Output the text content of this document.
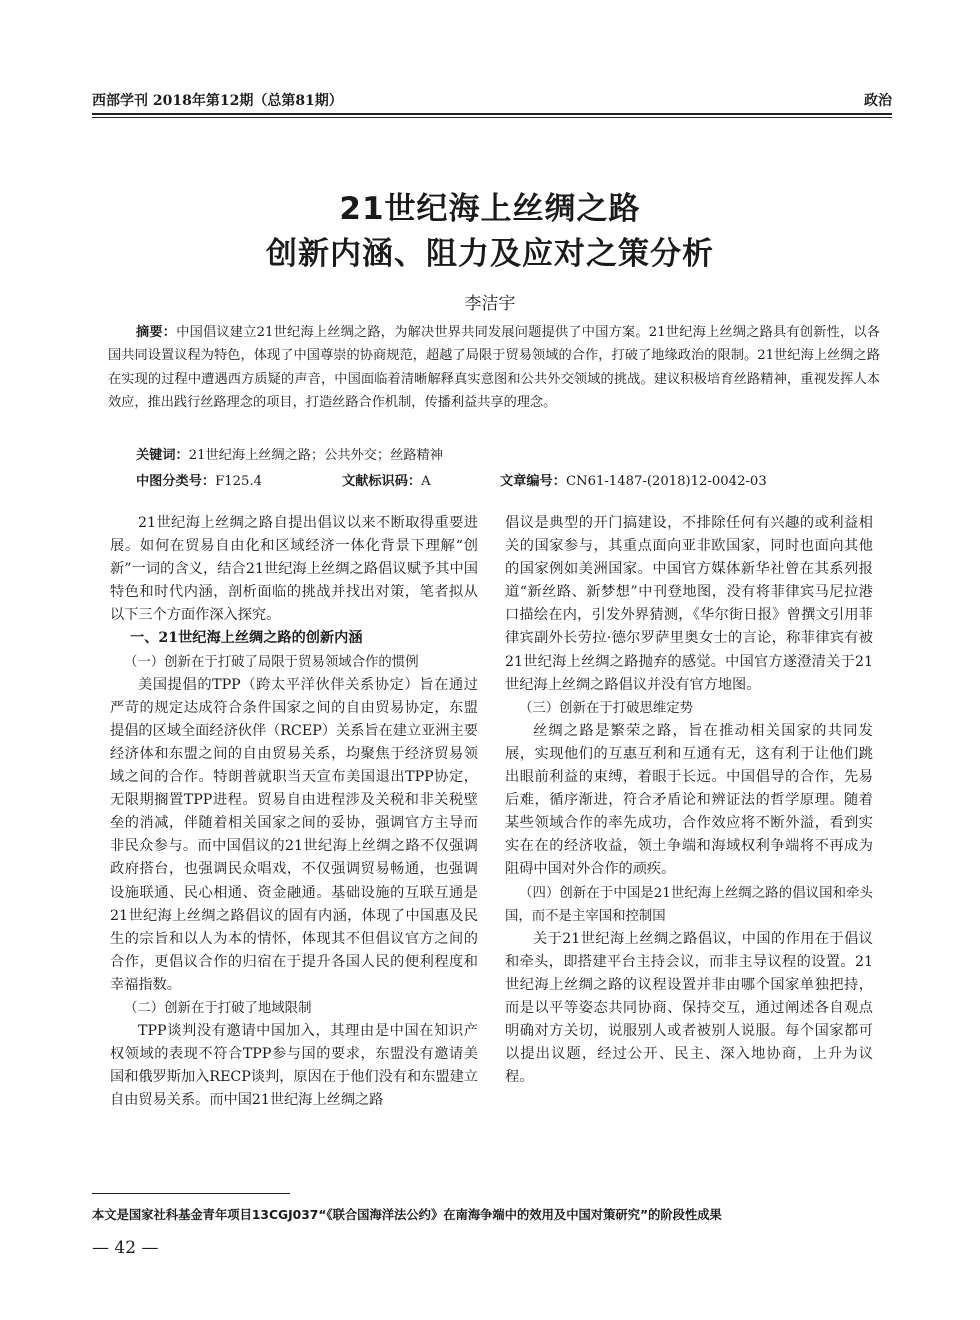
西部学刊 2018年第12期（总第81期）	政治
21世纪海上丝绸之路
创新内涵、阻力及应对之策分析
李洁宇
摘要：中国倡议建立21世纪海上丝绸之路，为解决世界共同发展问题提供了中国方案。21世纪海上丝绸之路具有创新性，以各国共同设置议程为特色，体现了中国尊崇的协商规范，超越了局限于贸易领域的合作，打破了地缘政治的限制。21世纪海上丝绸之路在实现的过程中遭遇西方质疑的声音，中国面临着清晰解释真实意图和公共外交领域的挑战。建议积极培育丝路精神，重视发挥人本效应，推出践行丝路理念的项目，打造丝路合作机制，传播利益共享的理念。
关键词：21世纪海上丝绸之路；公共外交；丝路精神
中图分类号：F125.4	文献标识码：A	文章编号：CN61-1487-(2018)12-0042-03

21世纪海上丝绸之路自提出倡议以来不断取得重要进展。如何在贸易自由化和区域经济一体化背景下理解“创新”一词的含义，结合21世纪海上丝绸之路倡议赋予其中国特色和时代内涵，剖析面临的挑战并找出对策，笔者拟从以下三个方面作深入探究。

一、21世纪海上丝绸之路的创新内涵

（一）创新在于打破了局限于贸易领域合作的惯例

美国提倡的TPP（跨太平洋伙伴关系协定）旨在通过严苛的规定达成符合条件国家之间的自由贸易协定，东盟提倡的区域全面经济伙伴（RCEP）关系旨在建立亚洲主要经济体和东盟之间的自由贸易关系，均聚焦于经济贸易领域之间的合作。特朗普就职当天宣布美国退出TPP协定，无限期搁置TPP进程。贸易自由进程涉及关税和非关税壁垒的消减，伴随着相关国家之间的妥协，强调官方主导而非民众参与。而中国倡议的21世纪海上丝绸之路不仅强调政府搭台，也强调民众唱戏，不仅强调贸易畅通，也强调设施联通、民心相通、资金融通。基础设施的互联互通是21世纪海上丝绸之路倡议的固有内涵，体现了中国惠及民生的宗旨和以人为本的情怀，体现其不但倡议官方之间的合作，更倡议合作的归宿在于提升各国人民的便利程度和幸福指数。

（二）创新在于打破了地域限制

TPP谈判没有邀请中国加入，其理由是中国在知识产权领域的表现不符合TPP参与国的要求，东盟没有邀请美国和俄罗斯加入RECP谈判，原因在于他们没有和东盟建立自由贸易关系。而中国21世纪海上丝绸之路

倡议是典型的开门搞建设，不排除任何有兴趣的或利益相关的国家参与，其重点面向亚非欧国家，同时也面向其他的国家例如美洲国家。中国官方媒体新华社曾在其系列报道“新丝路、新梦想”中刊登地图，没有将菲律宾马尼拉港口描绘在内，引发外界猜测，《华尔街日报》曾撰文引用菲律宾副外长劳拉·德尔罗萨里奥女士的言论，称菲律宾有被21世纪海上丝绸之路抛弃的感觉。中国官方遂澄清关于21世纪海上丝绸之路倡议并没有官方地图。

（三）创新在于打破思维定势

丝绸之路是繁荣之路，旨在推动相关国家的共同发展，实现他们的互惠互利和互通有无，这有利于让他们跳出眼前利益的束缚，着眼于长远。中国倡导的合作，先易后难，循序渐进，符合矛盾论和辨证法的哲学原理。随着某些领域合作的率先成功，合作效应将不断外溢，看到实实在在的经济收益，领土争端和海域权利争端将不再成为阻碍中国对外合作的顽疾。

（四）创新在于中国是21世纪海上丝绸之路的倡议国和牵头国，而不是主宰国和控制国

关于21世纪海上丝绸之路倡议，中国的作用在于倡议和牵头，即搭建平台主持会议，而非主导议程的设置。21世纪海上丝绸之路的议程设置并非由哪个国家单独把持，而是以平等姿态共同协商、保持交互，通过阐述各自观点明确对方关切，说服别人或者被别人说服。每个国家都可以提出议题，经过公开、民主、深入地协商，上升为议程。

本文是国家社科基金青年项目13CGJ037“《联合国海洋法公约》在南海争端中的效用及中国对策研究”的阶段性成果
— 42 —
